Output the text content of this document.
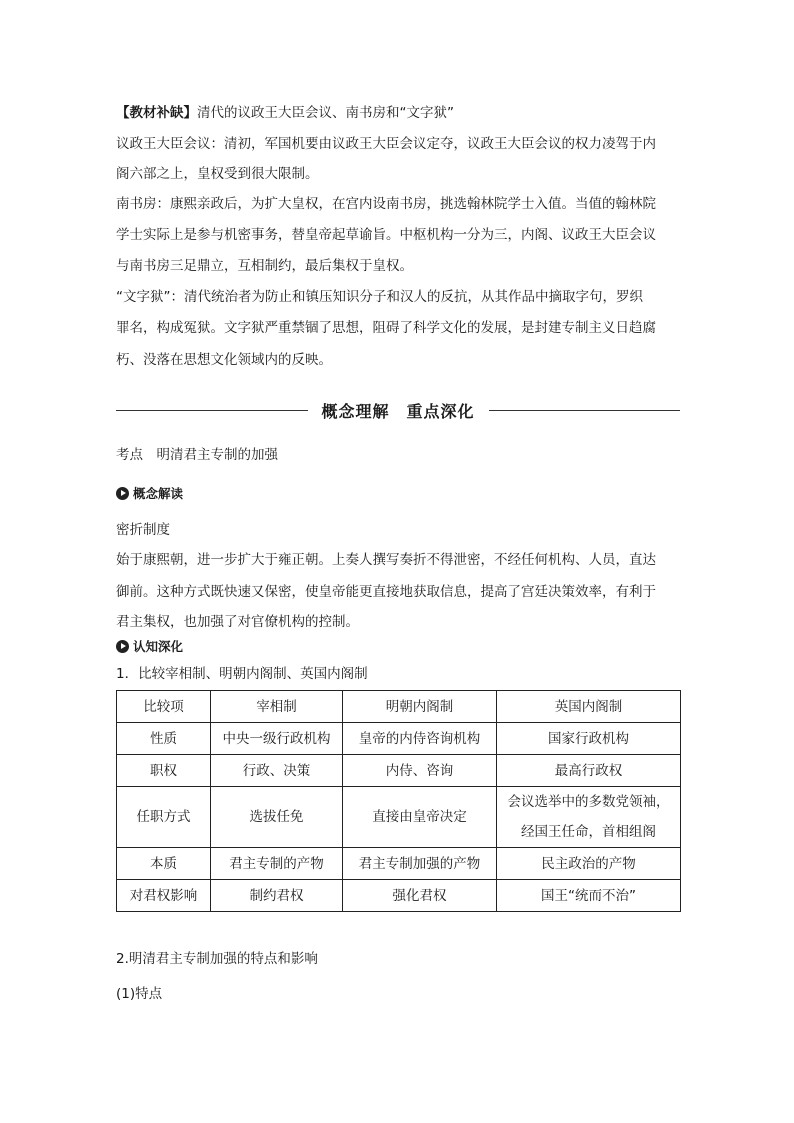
【教材补缺】清代的议政王大臣会议、南书房和“文字狱”

议政王大臣会议：清初，军国机要由议政王大臣会议定夺，议政王大臣会议的权力凌驾于内

阁六部之上，皇权受到很大限制。

南书房：康熙亲政后，为扩大皇权，在宫内设南书房，挑选翰林院学士入值。当值的翰林院

学士实际上是参与机密事务，替皇帝起草谕旨。中枢机构一分为三，内阁、议政王大臣会议

与南书房三足鼎立，互相制约，最后集权于皇权。

“文字狱”：清代统治者为防止和镇压知识分子和汉人的反抗，从其作品中摘取字句，罗织

罪名，构成冤狱。文字狱严重禁锢了思想，阻碍了科学文化的发展，是封建专制主义日趋腐

朽、没落在思想文化领域内的反映。

概念理解　重点深化

考点　明清君主专制的加强

概念解读

密折制度

始于康熙朝，进一步扩大于雍正朝。上奏人撰写奏折不得泄密，不经任何机构、人员，直达

御前。这种方式既快速又保密，使皇帝能更直接地获取信息，提高了宫廷决策效率，有利于

君主集权，也加强了对官僚机构的控制。

认知深化

1．比较宰相制、明朝内阁制、英国内阁制

比较项	宰相制	明朝内阁制	英国内阁制
性质	中央一级行政机构	皇帝的内侍咨询机构	国家行政机构
职权	行政、决策	内侍、咨询	最高行政权
任职方式	选拔任免	直接由皇帝决定	会议选举中的多数党领袖，
经国王任命，首相组阁

本质	君主专制的产物	君主专制加强的产物	民主政治的产物
对君权影响	制约君权	强化君权	国王“统而不治”

2.明清君主专制加强的特点和影响

(1)特点
